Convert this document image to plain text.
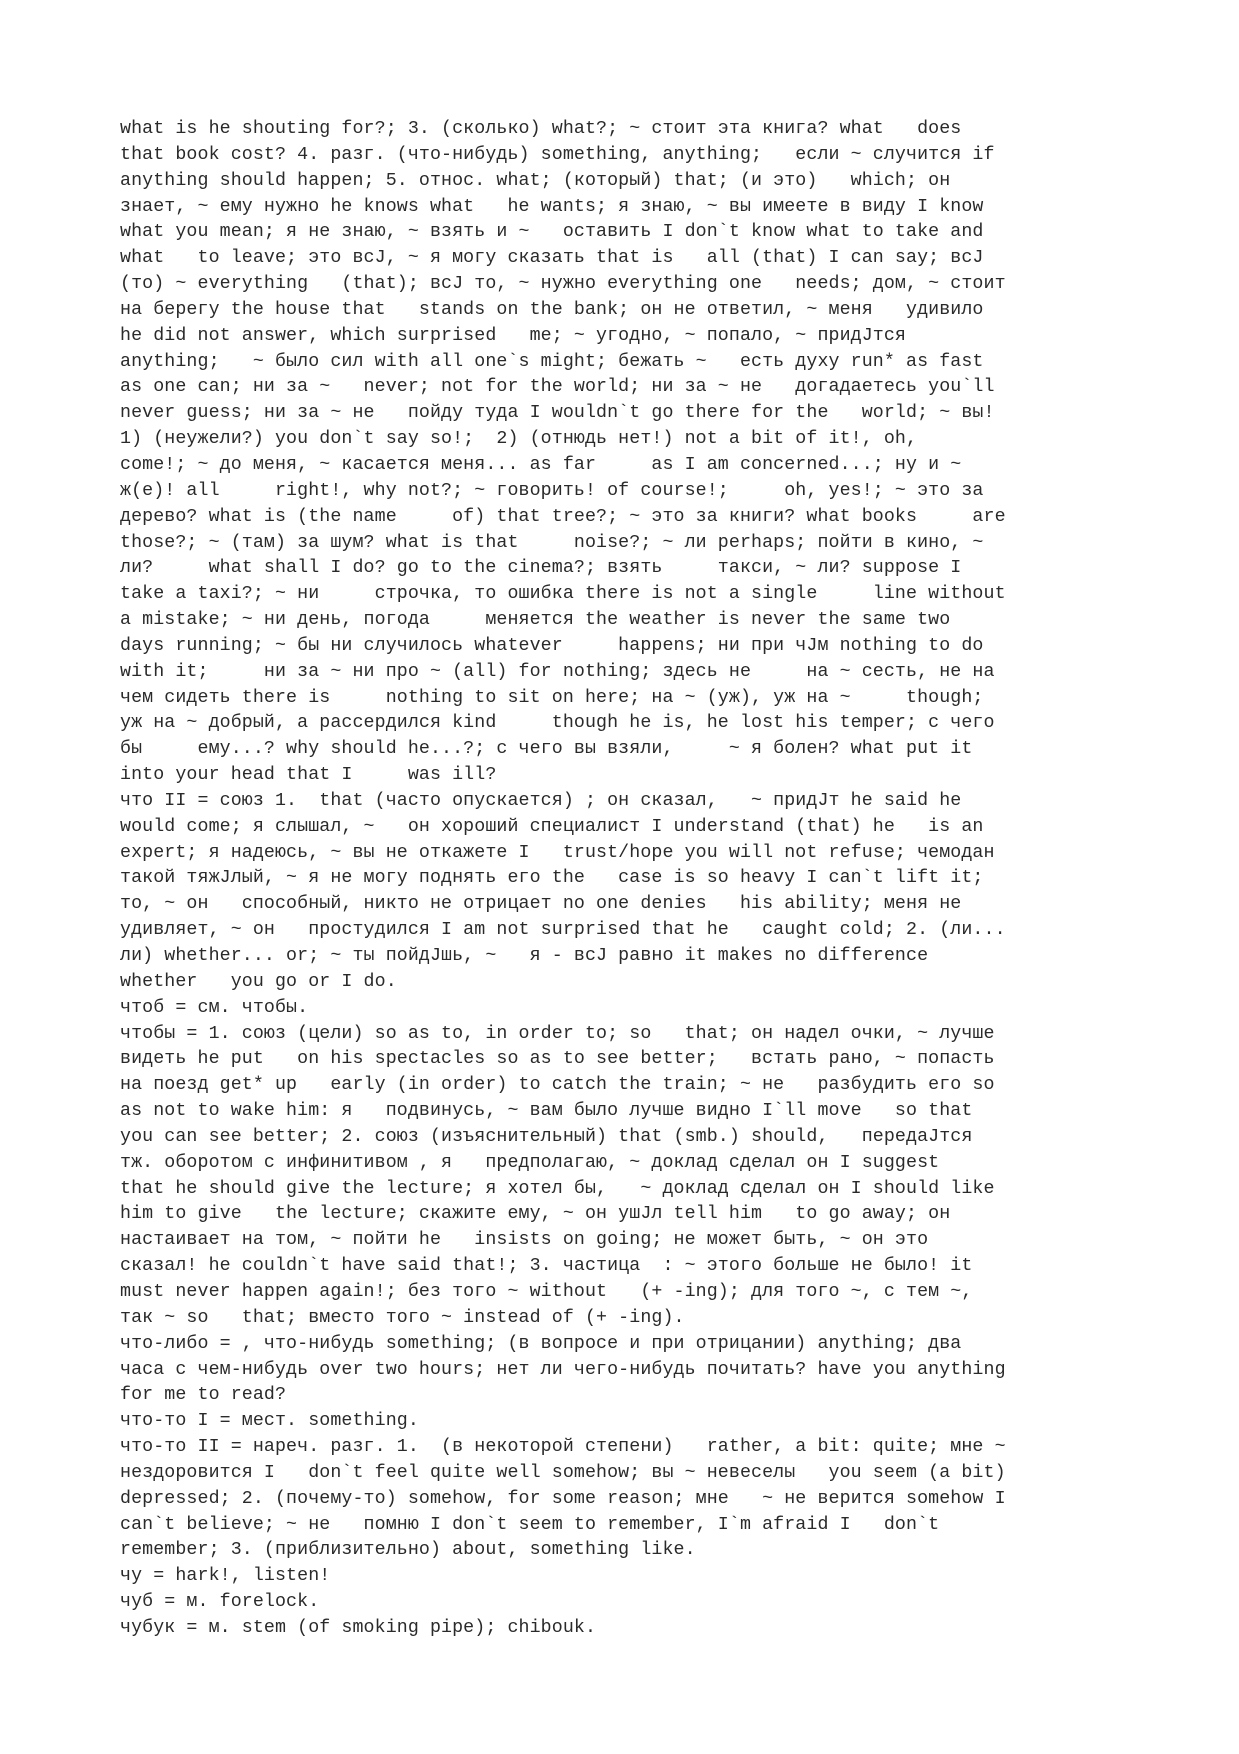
what is he shouting for?; 3. (сколько) what?; ~ стоит эта книга? what   does
that book cost? 4. разг. (что-нибудь) something, anything;   если ~ случится if
anything should happen; 5. относ. what; (который) that; (и это)   which; он
знает, ~ ему нужно he knows what   he wants; я знаю, ~ вы имеете в виду I know
what you mean; я не знаю, ~ взять и ~   оставить I don`t know what to take and
what   to leave; это всJ, ~ я могу сказать that is   all (that) I can say; всJ
(то) ~ everything   (that); всJ то, ~ нужно everything one   needs; дом, ~ стоит
на берегу the house that   stands on the bank; он не ответил, ~ меня   удивило
he did not answer, which surprised   me; ~ угодно, ~ попало, ~ придJтся
anything;   ~ было сил with all one`s might; бежать ~   есть духу run* as fast
as one can; ни за ~   never; not for the world; ни за ~ не   догадаетесь you`ll
never guess; ни за ~ не   пойду туда I wouldn`t go there for the   world; ~ вы!
1) (неужели?) you don`t say so!;  2) (отнюдь нет!) not a bit of it!, oh,
come!; ~ до меня, ~ касается меня... as far     as I am concerned...; ну и ~
ж(е)! all     right!, why not?; ~ говорить! of course!;     oh, yes!; ~ это за
дерево? what is (the name     of) that tree?; ~ это за книги? what books     are
those?; ~ (там) за шум? what is that     noise?; ~ ли perhaps; пойти в кино, ~
ли?     what shall I do? go to the cinema?; взять     такси, ~ ли? suppose I
take a taxi?; ~ ни     строчка, то ошибка there is not a single     line without
a mistake; ~ ни день, погода     меняется the weather is never the same two
days running; ~ бы ни случилось whatever     happens; ни при чJм nothing to do
with it;     ни за ~ ни про ~ (all) for nothing; здесь не     на ~ сесть, не на
чем сидеть there is     nothing to sit on here; на ~ (уж), уж на ~     though;
уж на ~ добрый, а рассердился kind     though he is, he lost his temper; с чего
бы     ему...? why should he...?; с чего вы взяли,     ~ я болен? what put it
into your head that I     was ill?
что II = союз 1.  that (часто опускается) ; он сказал,   ~ придJт he said he
would come; я слышал, ~   он хороший специалист I understand (that) he   is an
expert; я надеюсь, ~ вы не откажете I   trust/hope you will not refuse; чемодан
такой тяжJлый, ~ я не могу поднять его the   case is so heavy I can`t lift it;
то, ~ он   способный, никто не отрицает no one denies   his ability; меня не
удивляет, ~ он   простудился I am not surprised that he   caught cold; 2. (ли...
ли) whether... or; ~ ты пойдJшь, ~   я - всJ равно it makes no difference
whether   you go or I do.
чтоб = см. чтобы.
чтобы = 1. союз (цели) so as to, in order to; so   that; он надел очки, ~ лучше
видеть he put   on his spectacles so as to see better;   встать рано, ~ попасть
на поезд get* up   early (in order) to catch the train; ~ не   разбудить его so
as not to wake him: я   подвинусь, ~ вам было лучше видно I`ll move   so that
you can see better; 2. союз (изъяснительный) that (smb.) should,   передаJтся
тж. оборотом с инфинитивом , я   предполагаю, ~ доклад сделал он I suggest
that he should give the lecture; я хотел бы,   ~ доклад сделал он I should like
him to give   the lecture; скажите ему, ~ он ушJл tell him   to go away; он
настаивает на том, ~ пойти he   insists on going; не может быть, ~ он это
сказал! he couldn`t have said that!; 3. частица  : ~ этого больше не было! it
must never happen again!; без того ~ without   (+ -ing); для того ~, с тем ~,
так ~ so   that; вместо того ~ instead of (+ -ing).
что-либо = , что-нибудь something; (в вопросе и при отрицании) anything; два
часа с чем-нибудь over two hours; нет ли чего-нибудь почитать? have you anything
for me to read?
что-то I = мест. something.
что-то II = нареч. разг. 1.  (в некоторой степени)   rather, a bit: quite; мне ~
нездоровится I   don`t feel quite well somehow; вы ~ невеселы   you seem (a bit)
depressed; 2. (почему-то) somehow, for some reason; мне   ~ не верится somehow I
can`t believe; ~ не   помню I don`t seem to remember, I`m afraid I   don`t
remember; 3. (приблизительно) about, something like.
чу = hark!, listen!
чуб = м. forelock.
чубук = м. stem (of smoking pipe); chibouk.
